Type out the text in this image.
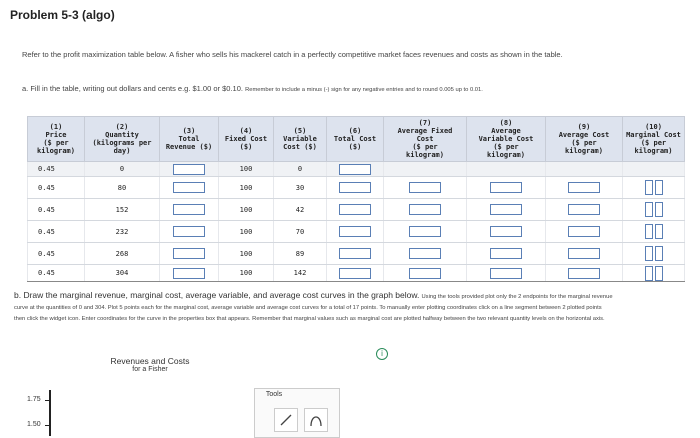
Problem 5-3 (algo)
Refer to the profit maximization table below. A fisher who sells his mackerel catch in a perfectly competitive market faces revenues and costs as shown in the table.
a. Fill in the table, writing out dollars and cents e.g. $1.00 or $0.10. Remember to include a minus (-) sign for any negative entries and to round 0.005 up to 0.01.
(1)
Price
($ per
kilogram)	(2)
Quantity
(kilograms per
day)	(3)
Total
Revenue ($)	(4)
Fixed Cost
($)	(5)
Variable
Cost ($)	(6)
Total Cost
($)	(7)
Average Fixed
Cost
($ per
kilogram)	(8)
Average
Variable Cost
($ per
kilogram)	(9)
Average Cost
($ per
kilogram)	(10)
Marginal Cost
($ per
kilogram)
0.45	0		100	0					
0.45	80		100	30					
0.45	152		100	42					
0.45	232		100	70					
0.45	268		100	89					
0.45	304		100	142					
b. Draw the marginal revenue, marginal cost, average variable, and average cost curves in the graph below. Using the tools provided plot only the 2 endpoints for the marginal revenue curve at the quantities of 0 and 304. Plot 5 points each for the marginal cost, average variable and average cost curves for a total of 17 points. To manually enter plotting coordinates click on a line segment between 2 plotted points then click the widget icon. Enter coordinates for the curve in the properties box that appears. Remember that marginal values such as marginal cost are plotted halfway between the two relevant quantity levels on the horizontal axis.
i
Revenues and Costs
for a Fisher
1.75
1.50
Tools
